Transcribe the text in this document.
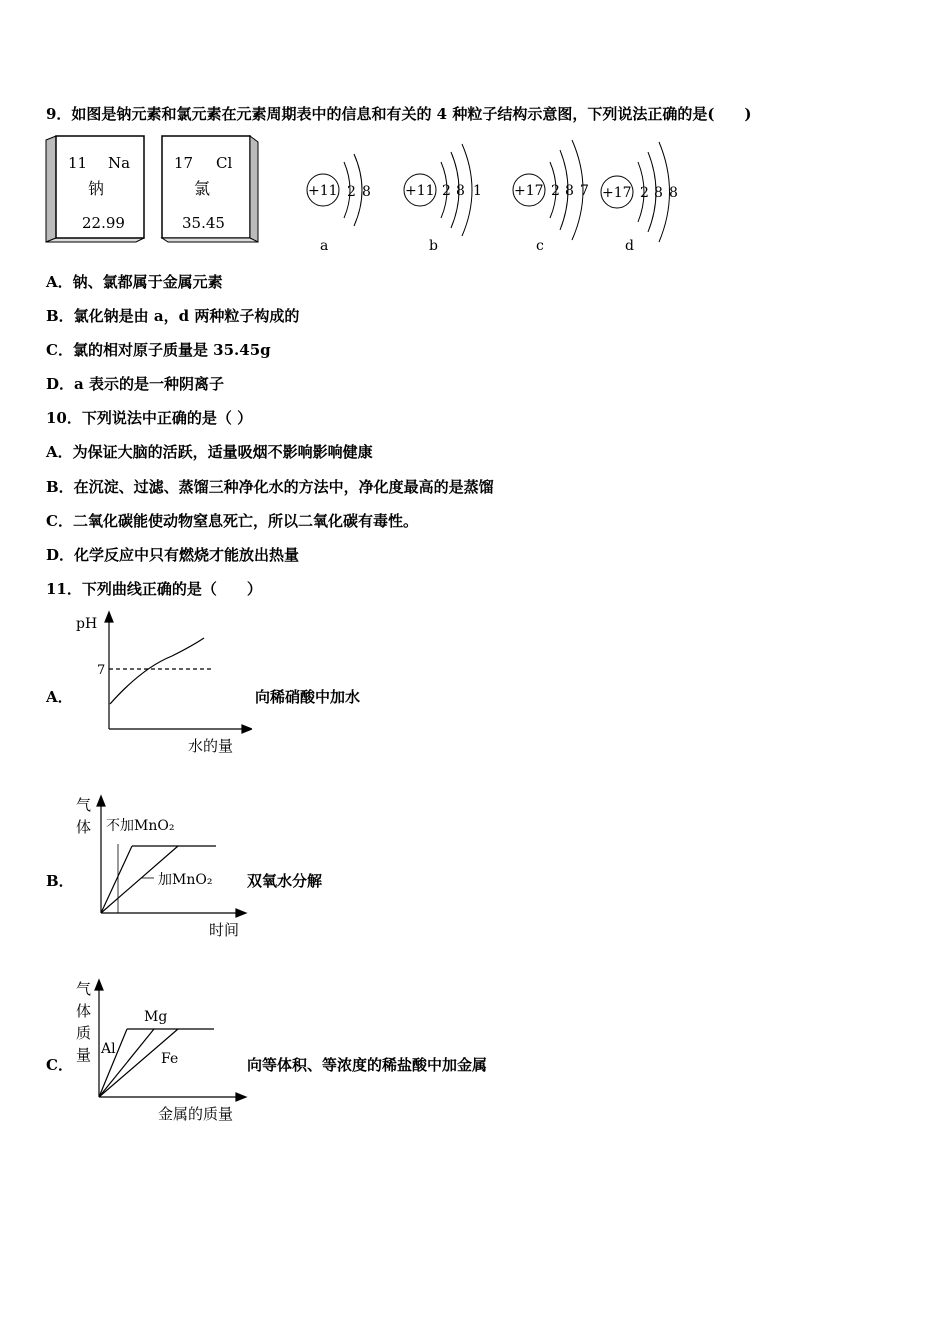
9．如图是钠元素和氯元素在元素周期表中的信息和有关的 4 种粒子结构示意图，下列说法正确的是(　　)
11 Na
钠
22.99
17 Cl
氯
35.45
+11 2 8
a
+11 2 8 1
b
+17 2 8 7
c
+17 2 8 8
d
A．钠、氯都属于金属元素
B．氯化钠是由 a，d 两种粒子构成的
C．氯的相对原子质量是 35.45g
D．a 表示的是一种阴离子
10．下列说法中正确的是（ ）
A．为保证大脑的活跃，适量吸烟不影响影响健康
B．在沉淀、过滤、蒸馏三种净化水的方法中，净化度最高的是蒸馏
C．二氧化碳能使动物窒息死亡，所以二氧化碳有毒性。
D．化学反应中只有燃烧才能放出热量
11．下列曲线正确的是（　　）
A．
pH
7
水的量
向稀硝酸中加水
B．
气
体 不加MnO₂
加MnO₂
时间
双氧水分解
C．
气
体
质
量 Al
Mg
Fe
金属的质量
向等体积、等浓度的稀盐酸中加金属
